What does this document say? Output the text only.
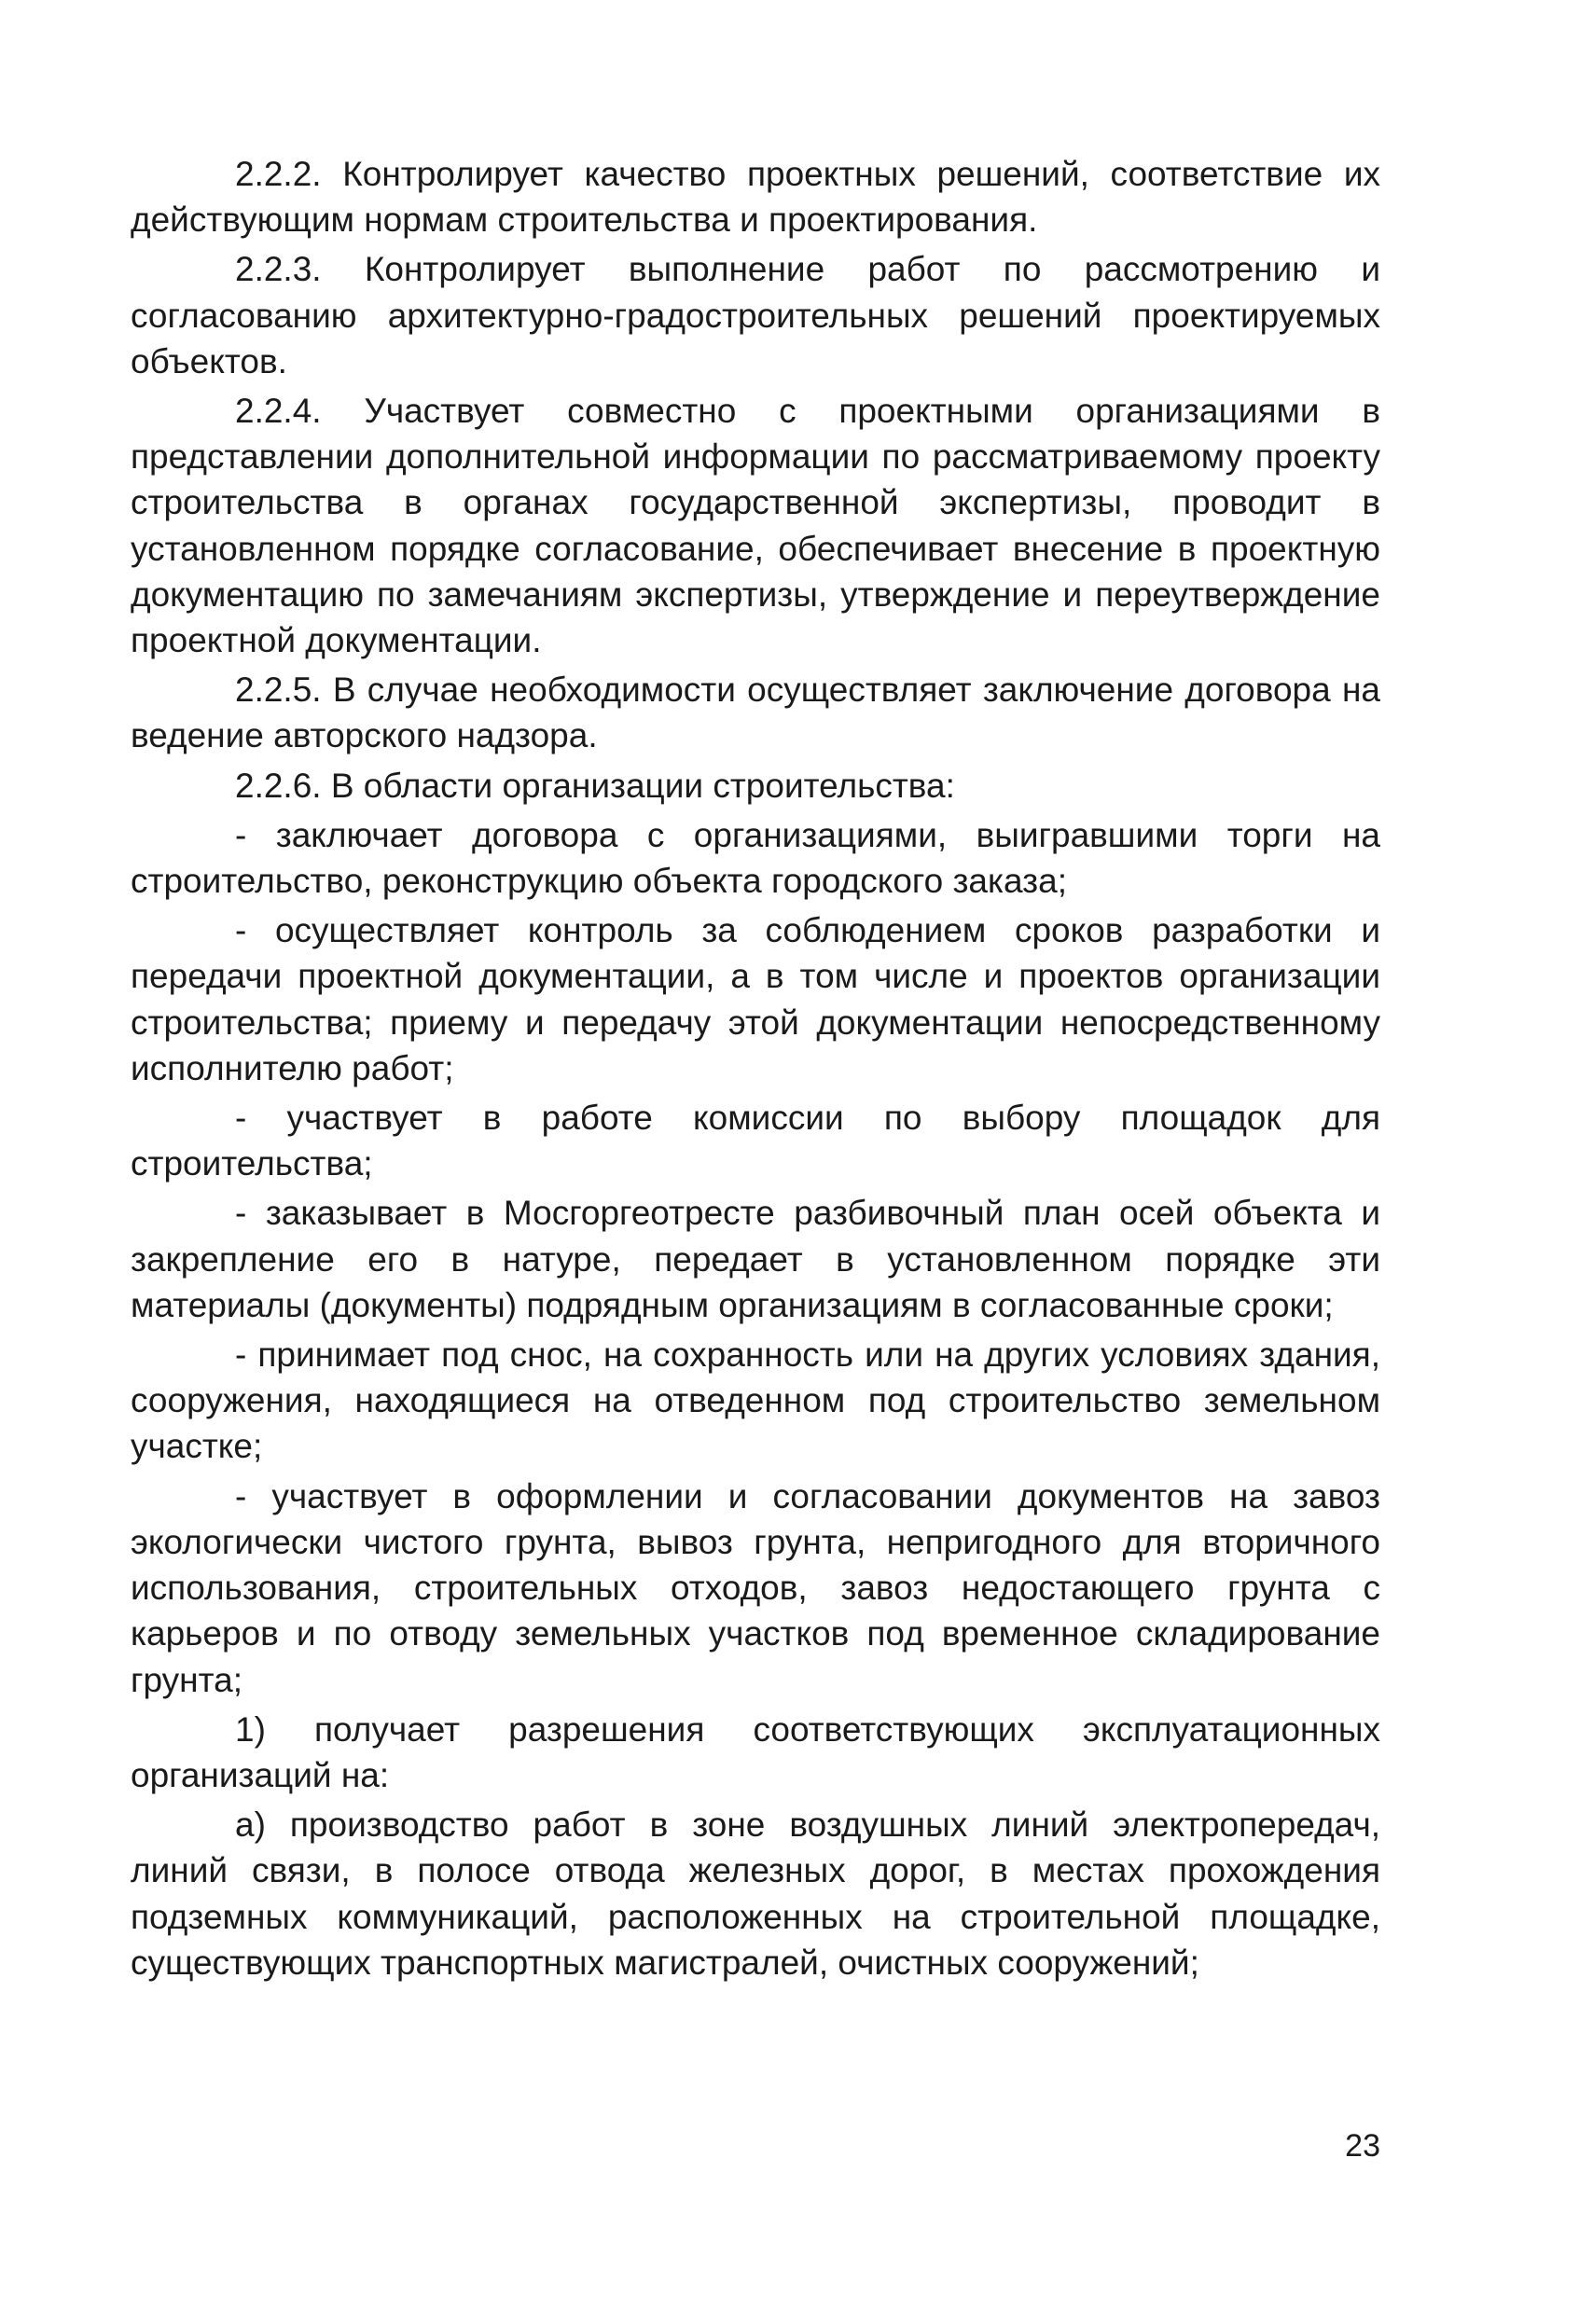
2.2.2. Контролирует качество проектных решений, соответствие их действующим нормам строительства и проектирования.

2.2.3. Контролирует выполнение работ по рассмотрению и согласованию архитектурно-градостроительных решений проектируемых объектов.

2.2.4. Участвует совместно с проектными организациями в представлении дополнительной информации по рассматриваемому проекту строительства в органах государственной экспертизы, проводит в установленном порядке согласование, обеспечивает внесение в проектную документацию по замечаниям экспертизы, утверждение и переутверждение проектной документации.

2.2.5. В случае необходимости осуществляет заключение договора на ведение авторского надзора.

2.2.6. В области организации строительства:

- заключает договора с организациями, выигравшими торги на строительство, реконструкцию объекта городского заказа;

- осуществляет контроль за соблюдением сроков разработки и передачи проектной документации, а в том числе и проектов организации строительства; приему и передачу этой документации непосредственному исполнителю работ;

- участвует в работе комиссии по выбору площадок для строительства;

- заказывает в Мосгоргеотресте разбивочный план осей объекта и закрепление его в натуре, передает в установленном порядке эти материалы (документы) подрядным организациям в согласованные сроки;

- принимает под снос, на сохранность или на других условиях здания, сооружения, находящиеся на отведенном под строительство земельном участке;

- участвует в оформлении и согласовании документов на завоз экологически чистого грунта, вывоз грунта, непригодного для вторичного использования, строительных отходов, завоз недостающего грунта с карьеров и по отводу земельных участков под временное складирование грунта;

1) получает разрешения соответствующих эксплуатационных организаций на:

а) производство работ в зоне воздушных линий электропередач, линий связи, в полосе отвода железных дорог, в местах прохождения подземных коммуникаций, расположенных на строительной площадке, существующих транспортных магистралей, очистных сооружений;

23
